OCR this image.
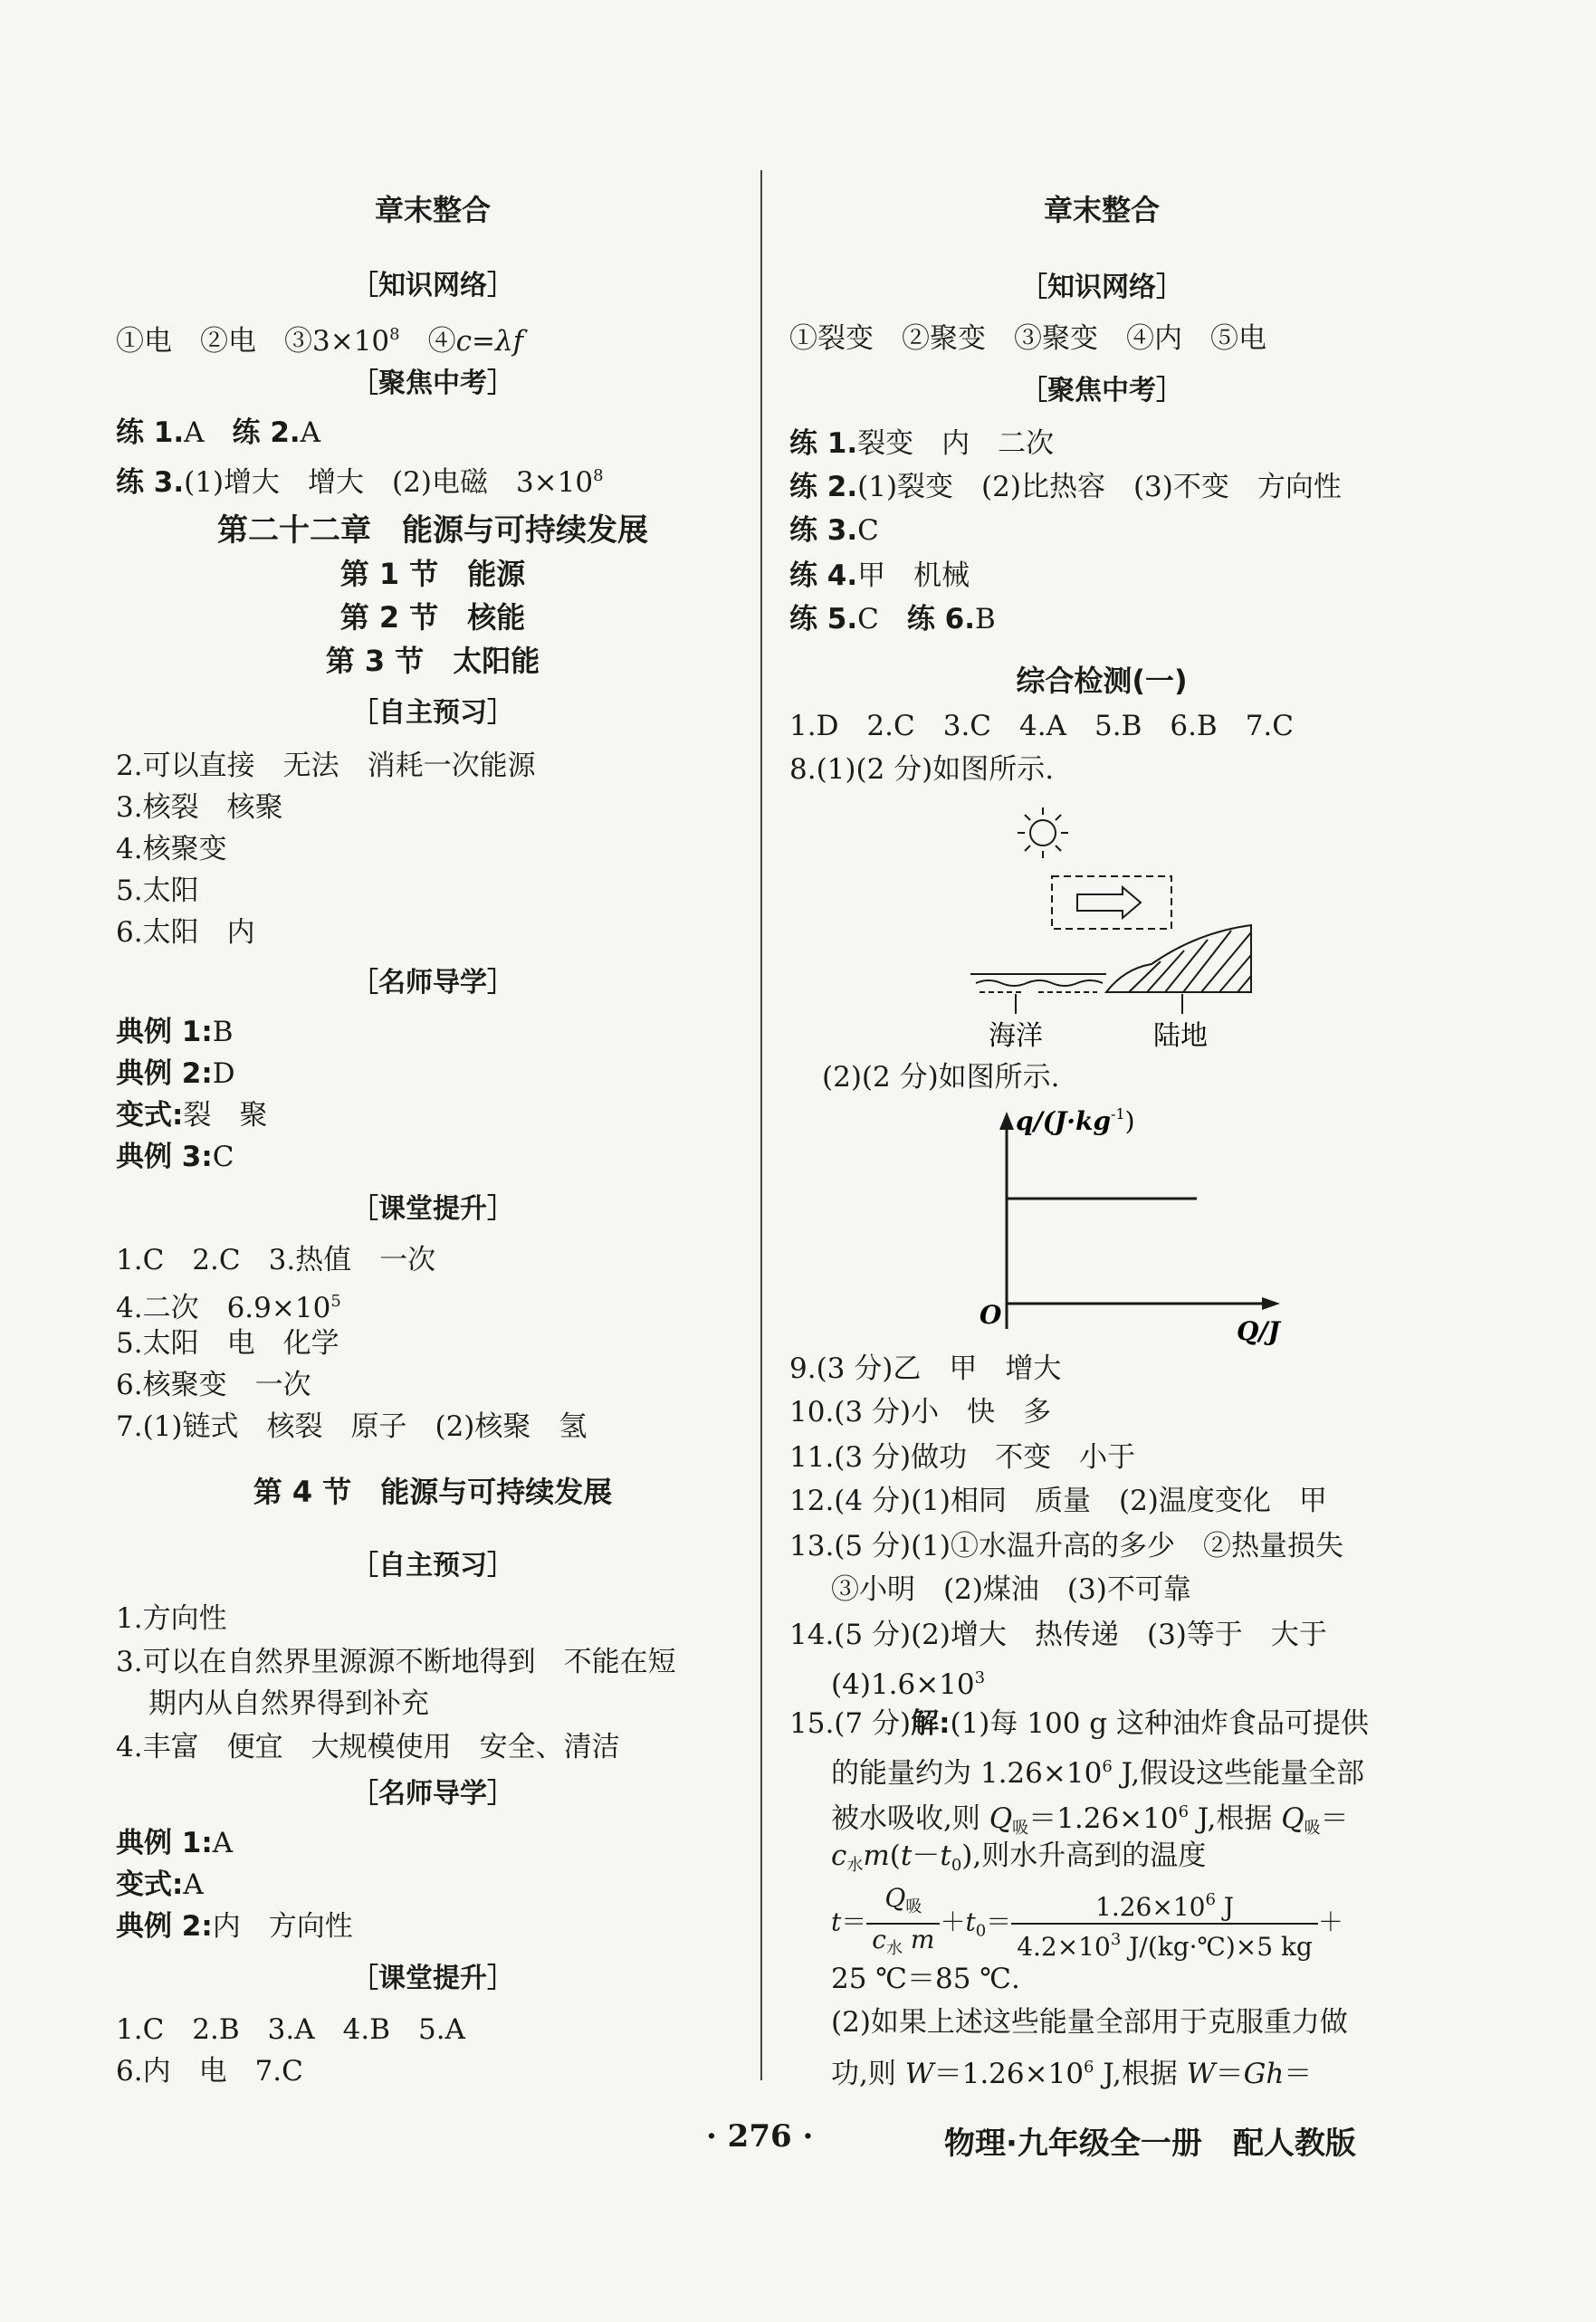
章末整合
［知识网络］
①电　 ②电　 $③3\times 10^8$　 ④c=λf
［聚焦中考］
练 1.A　 练 2.A
练 3.(1)增大　增大　(2)电磁　$3\times 10^8$
第二十二章　能源与可持续发展
第 1 节　能源
第 2 节　核能
第 3 节　太阳能
［自主预习］
2.可以直接　无法　消耗一次能源
3.核裂　核聚
4.核聚变
5.太阳
6.太阳　内
［名师导学］
典例 1:B
典例 2:D
变式:裂　聚
典例 3:C
［课堂提升］
1.C　2.C　3.热值　一次
4.二次　$6.9\times 10^5$
5.太阳　电　化学
6.核聚变　一次
7.(1)链式　核裂　原子　(2)核聚　氢
第 4 节　能源与可持续发展
［自主预习］
1.方向性
3.可以在自然界里源源不断地得到　不能在短
期内从自然界得到补充
4.丰富　便宜　大规模使用　安全、清洁
［名师导学］
典例 1:A
变式:A
典例 2:内　方向性
［课堂提升］
1.C　2.B　3.A　4.B　5.A
6.内　电　7.C
章末整合
［知识网络］
①裂变　②聚变　③聚变　④内　⑤电
［聚焦中考］
练 1.裂变　内　二次
练 2.(1)裂变　(2)比热容　(3)不变　方向性
练 3.C
练 4.甲　机械
练 5.C　 练 6.B
综合检测(一)
1.D　2.C　3.C　4.A　5.B　6.B　7.C
8.(1)(2 分)如图所示.
海洋	陆地
(2)(2 分)如图所示.
$q/(J\cdot kg^{-1})$
O
Q/J
9.(3 分)乙　甲　增大
10.(3 分)小　快　多
11.(3 分)做功　不变　小于
12.(4 分)(1)相同　质量　(2)温度变化　甲
13.(5 分)(1)①水温升高的多少　②热量损失
③小明　(2)煤油　(3)不可靠
14.(5 分)(2)增大　热传递　(3)等于　大于
$(4)1.6\times 10^3$
15.(7 分)解:(1)每 100 g 这种油炸食品可提供
的能量约为 $1.26\times 10^6$ J,假设这些能量全部
被水吸收,则 $Q_吸=1.26\times 10^6$ J,根据 $Q_吸=$
$c_水m(t-t_0)$,则水升高到的温度
$t= \frac{Q_吸}{c_水 m} +t_0= \frac{1.26\times 10^6 J}{4.2\times 10^3 J/(kg\cdot℃)\times 5 kg}$ ＋
25 ℃＝85 ℃.
(2)如果上述这些能量全部用于克服重力做
功,则 $W=1.26\times 10^6$ J,根据 W＝Gh＝
· 276 ·	物理·九年级全一册　配人教版
